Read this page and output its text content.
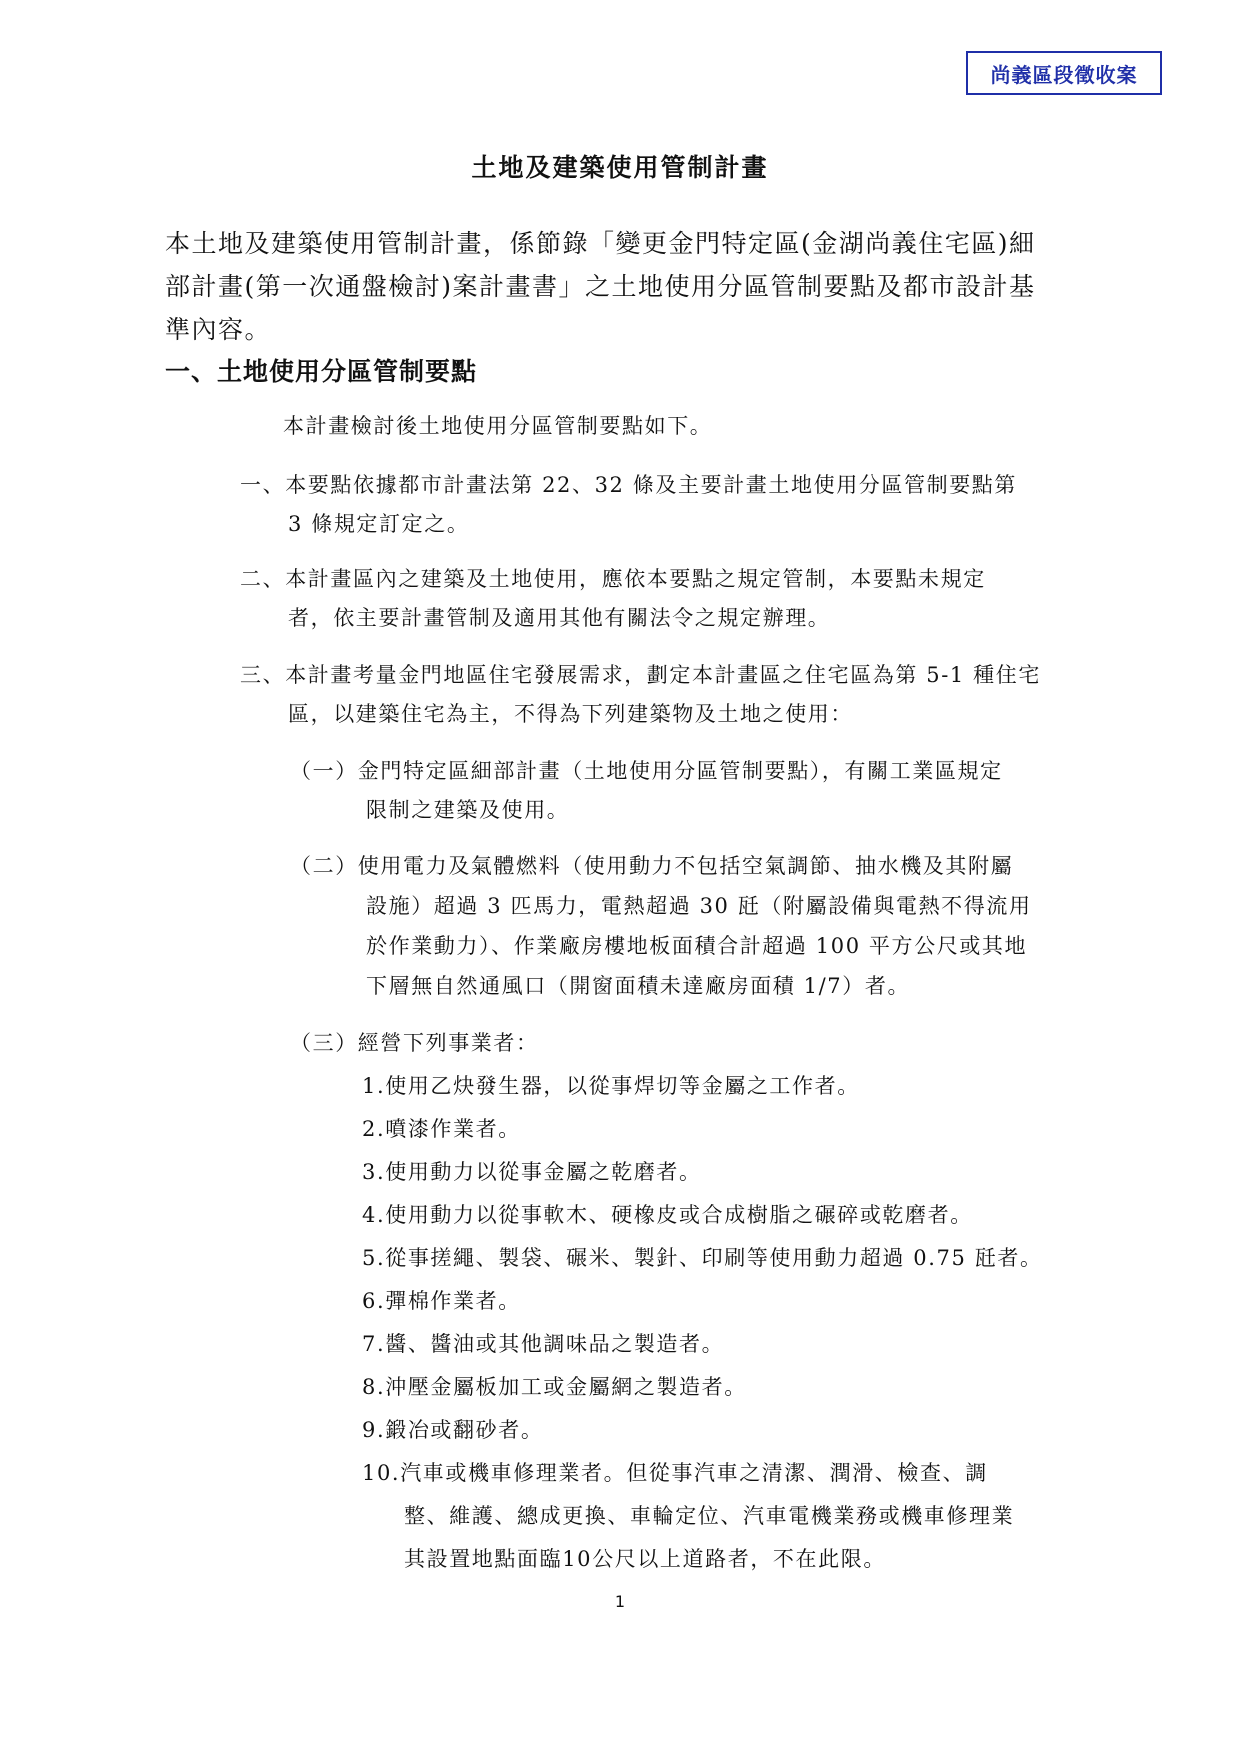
尚義區段徵收案
土地及建築使用管制計畫
本土地及建築使用管制計畫，係節錄「變更金門特定區(金湖尚義住宅區)細
部計畫(第一次通盤檢討)案計畫書」之土地使用分區管制要點及都市設計基
準內容。
一、土地使用分區管制要點
本計畫檢討後土地使用分區管制要點如下。
一、本要點依據都市計畫法第 22、32 條及主要計畫土地使用分區管制要點第
3 條規定訂定之。
二、本計畫區內之建築及土地使用，應依本要點之規定管制，本要點未規定
者，依主要計畫管制及適用其他有關法令之規定辦理。
三、本計畫考量金門地區住宅發展需求，劃定本計畫區之住宅區為第 5-1 種住宅
區，以建築住宅為主，不得為下列建築物及土地之使用：
（一）金門特定區細部計畫（土地使用分區管制要點），有關工業區規定
限制之建築及使用。
（二）使用電力及氣體燃料（使用動力不包括空氣調節、抽水機及其附屬
設施）超過 3 匹馬力，電熱超過 30 瓩（附屬設備與電熱不得流用
於作業動力）、作業廠房樓地板面積合計超過 100 平方公尺或其地
下層無自然通風口（開窗面積未達廠房面積 1/7）者。
（三）經營下列事業者：
1.使用乙炔發生器，以從事焊切等金屬之工作者。
2.噴漆作業者。
3.使用動力以從事金屬之乾磨者。
4.使用動力以從事軟木、硬橡皮或合成樹脂之碾碎或乾磨者。
5.從事搓繩、製袋、碾米、製針、印刷等使用動力超過 0.75 瓩者。
6.彈棉作業者。
7.醬、醬油或其他調味品之製造者。
8.沖壓金屬板加工或金屬網之製造者。
9.鍛冶或翻砂者。
10.汽車或機車修理業者。但從事汽車之清潔、潤滑、檢查、調
整、維護、總成更換、車輪定位、汽車電機業務或機車修理業
其設置地點面臨10公尺以上道路者，不在此限。
1
